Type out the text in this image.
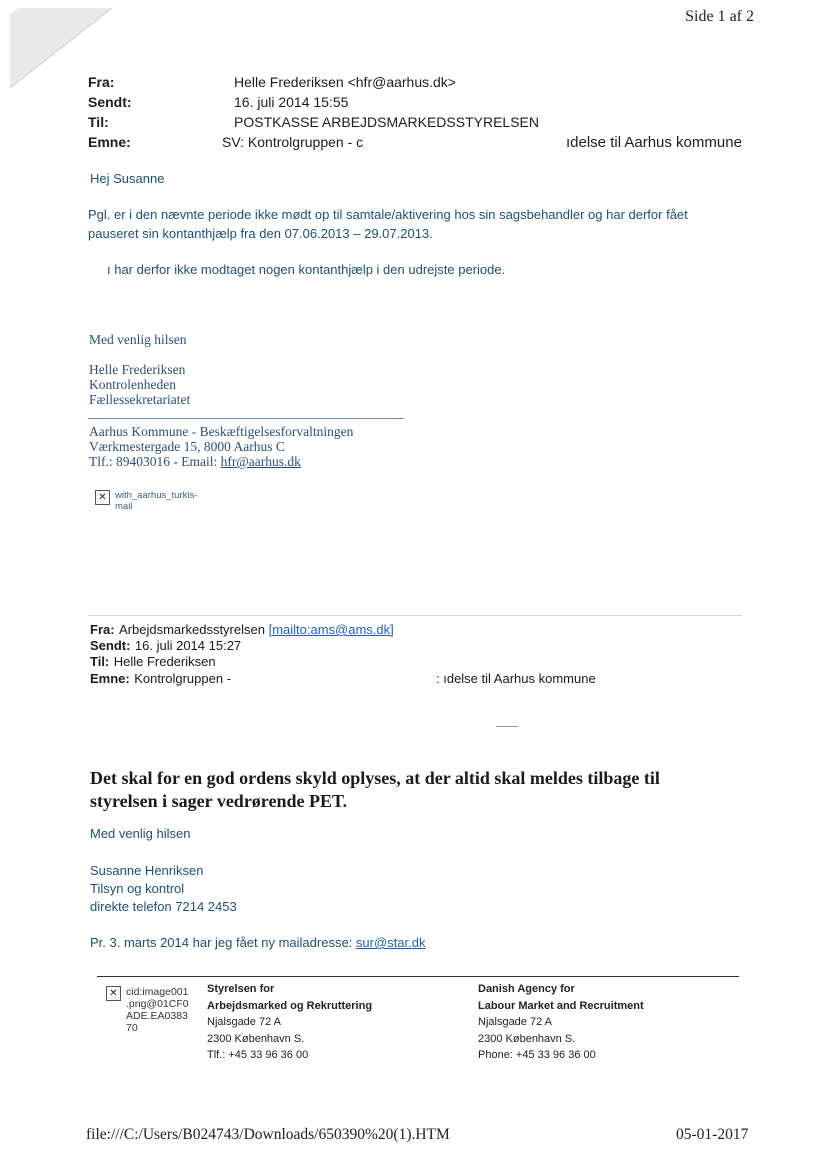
Side 1 af 2
Fra:	Helle Frederiksen <hfr@aarhus.dk>
Sendt:	16. juli 2014 15:55
Til:	POSTKASSE ARBEJDSMARKEDSSTYRELSEN
Emne:	SV: Kontrolgruppen - c	ıdelse til Aarhus kommune
Hej Susanne
Pgl. er i den nævnte periode ikke mødt op til samtale/aktivering hos sin sagsbehandler og har derfor fået
pauseret sin kontanthjælp fra den 07.06.2013 – 29.07.2013.
ı har derfor ikke modtaget nogen kontanthjælp i den udrejste periode.
Med venlig hilsen
Helle Frederiksen
Kontrolenheden
Fællessekretariatet
Aarhus Kommune - Beskæftigelsesforvaltningen
Værkmestergade 15, 8000 Aarhus C
Tlf.: 89403016 - Email: hfr@aarhus.dk
✕ with_aarhus_turkis-
mail
Fra: Arbejdsmarkedsstyrelsen [mailto:ams@ams.dk]
Sendt: 16. juli 2014 15:27
Til: Helle Frederiksen
Emne: Kontrolgruppen -	: ıdelse til Aarhus kommune
Det skal for en god ordens skyld oplyses, at der altid skal meldes tilbage til
styrelsen i sager vedrørende PET.
Med venlig hilsen
Susanne Henriksen
Tilsyn og kontrol
direkte telefon 7214 2453
Pr. 3. marts 2014 har jeg fået ny mailadresse: sur@star.dk
✕ cid:image001
.png@01CF0
ADE.EA0383
70
Styrelsen for
Arbejdsmarked og Rekruttering
Njalsgade 72 A
2300 København S.
Tlf.: +45 33 96 36 00
Danish Agency for
Labour Market and Recruitment
Njalsgade 72 A
2300 København S.
Phone: +45 33 96 36 00
file:///C:/Users/B024743/Downloads/650390%20(1).HTM	05-01-2017
